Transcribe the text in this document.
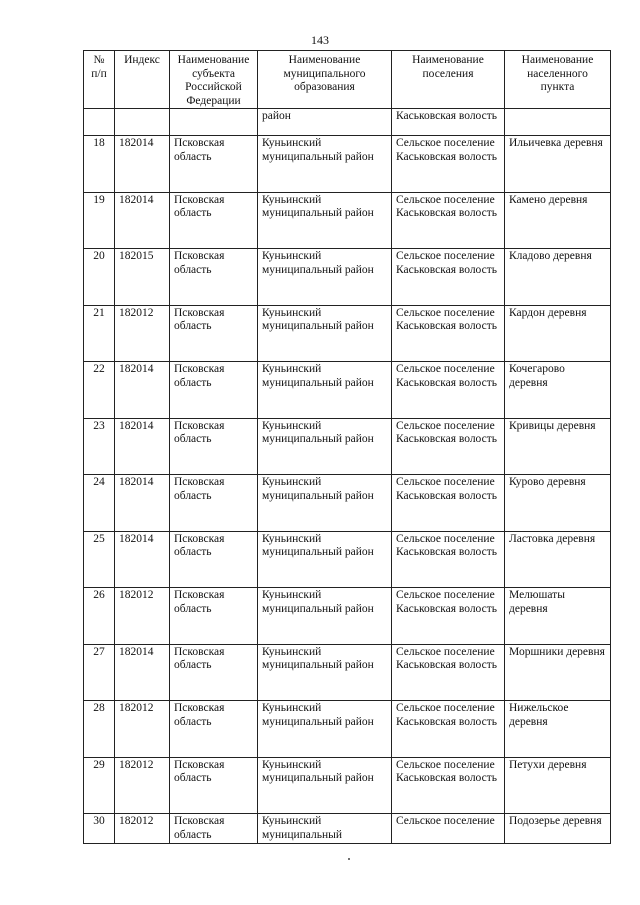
143
№ п/п	Индекс	Наименование субъекта Российской Федерации	Наименование муниципального образования	Наименование поселения	Наименование населенного пункта
			район	Каськовская волость	
18	182014	Псковская область	Куньинский муниципальный район	Сельское поселение Каськовская волость	Ильичевка деревня
19	182014	Псковская область	Куньинский муниципальный район	Сельское поселение Каськовская волость	Камено деревня
20	182015	Псковская область	Куньинский муниципальный район	Сельское поселение Каськовская волость	Кладово деревня
21	182012	Псковская область	Куньинский муниципальный район	Сельское поселение Каськовская волость	Кардон деревня
22	182014	Псковская область	Куньинский муниципальный район	Сельское поселение Каськовская волость	Кочегарово деревня
23	182014	Псковская область	Куньинский муниципальный район	Сельское поселение Каськовская волость	Кривицы деревня
24	182014	Псковская область	Куньинский муниципальный район	Сельское поселение Каськовская волость	Курово деревня
25	182014	Псковская область	Куньинский муниципальный район	Сельское поселение Каськовская волость	Ластовка деревня
26	182012	Псковская область	Куньинский муниципальный район	Сельское поселение Каськовская волость	Мелюшаты деревня
27	182014	Псковская область	Куньинский муниципальный район	Сельское поселение Каськовская волость	Моршники деревня
28	182012	Псковская область	Куньинский муниципальный район	Сельское поселение Каськовская волость	Нижельское деревня
29	182012	Псковская область	Куньинский муниципальный район	Сельское поселение Каськовская волость	Петухи деревня
30	182012	Псковская область	Куньинский муниципальный	Сельское поселение	Подозерье деревня
